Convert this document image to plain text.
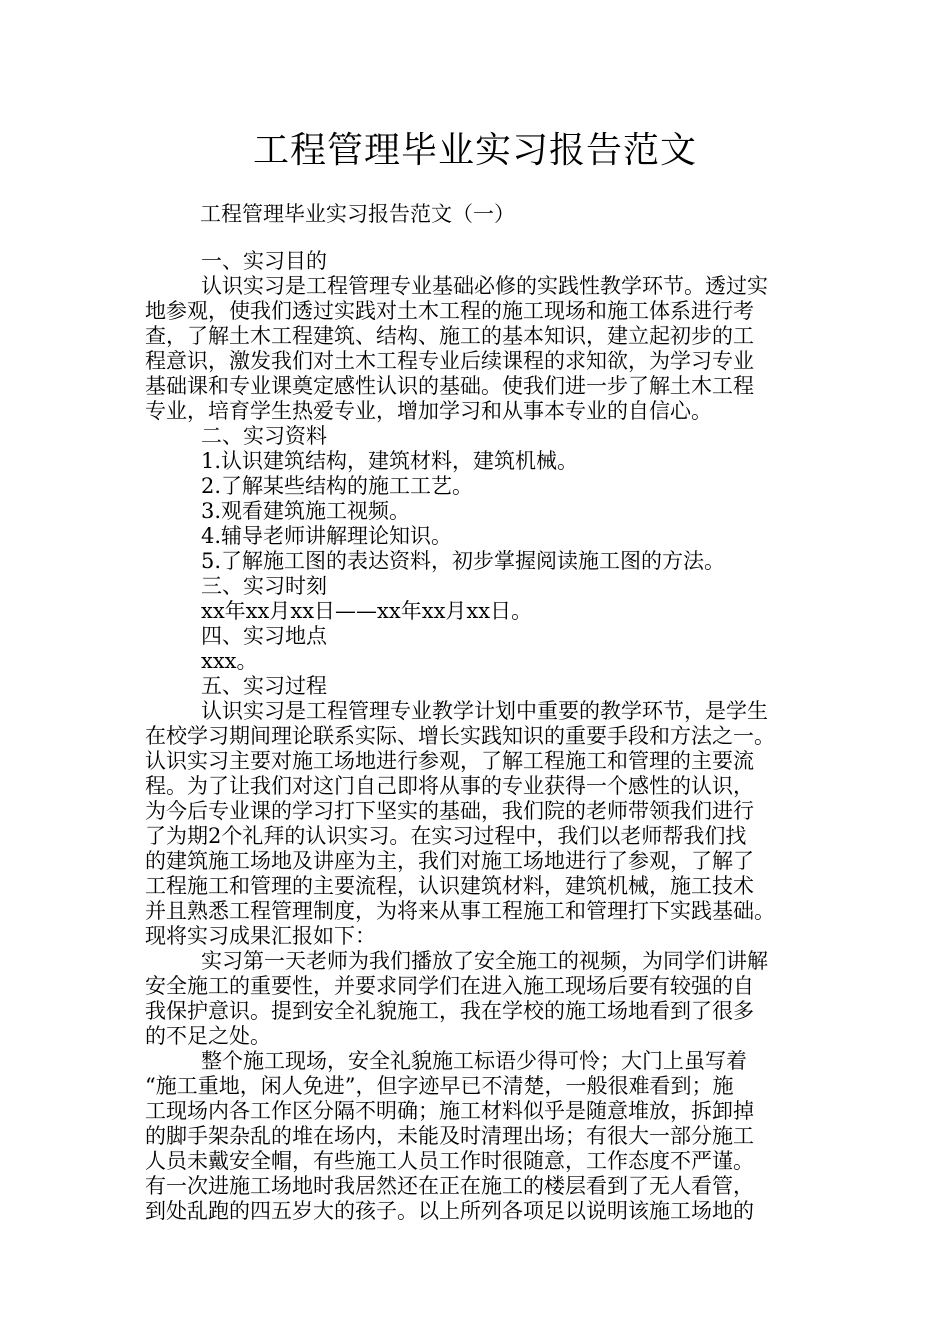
工程管理毕业实习报告范文
工程管理毕业实习报告范文（一）
一、实习目的
认识实习是工程管理专业基础必修的实践性教学环节。透过实
地参观，使我们透过实践对土木工程的施工现场和施工体系进行考
查，了解土木工程建筑、结构、施工的基本知识，建立起初步的工
程意识，激发我们对土木工程专业后续课程的求知欲，为学习专业
基础课和专业课奠定感性认识的基础。使我们进一步了解土木工程
专业，培育学生热爱专业，增加学习和从事本专业的自信心。
二、实习资料
1.认识建筑结构，建筑材料，建筑机械。
2.了解某些结构的施工工艺。
3.观看建筑施工视频。
4.辅导老师讲解理论知识。
5.了解施工图的表达资料，初步掌握阅读施工图的方法。
三、实习时刻
xx年xx月xx日——xx年xx月xx日。
四、实习地点
xxx。
五、实习过程
认识实习是工程管理专业教学计划中重要的教学环节，是学生
在校学习期间理论联系实际、增长实践知识的重要手段和方法之一。
认识实习主要对施工场地进行参观，了解工程施工和管理的主要流
程。为了让我们对这门自己即将从事的专业获得一个感性的认识，
为今后专业课的学习打下坚实的基础，我们院的老师带领我们进行
了为期2个礼拜的认识实习。在实习过程中，我们以老师帮我们找
的建筑施工场地及讲座为主，我们对施工场地进行了参观，了解了
工程施工和管理的主要流程，认识建筑材料，建筑机械，施工技术
并且熟悉工程管理制度，为将来从事工程施工和管理打下实践基础。
现将实习成果汇报如下：
实习第一天老师为我们播放了安全施工的视频，为同学们讲解
安全施工的重要性，并要求同学们在进入施工现场后要有较强的自
我保护意识。提到安全礼貌施工，我在学校的施工场地看到了很多
的不足之处。
整个施工现场，安全礼貌施工标语少得可怜；大门上虽写着
“施工重地，闲人免进”，但字迹早已不清楚，一般很难看到；施
工现场内各工作区分隔不明确；施工材料似乎是随意堆放，拆卸掉
的脚手架杂乱的堆在场内，未能及时清理出场；有很大一部分施工
人员未戴安全帽，有些施工人员工作时很随意，工作态度不严谨。
有一次进施工场地时我居然还在正在施工的楼层看到了无人看管，
到处乱跑的四五岁大的孩子。以上所列各项足以说明该施工场地的
